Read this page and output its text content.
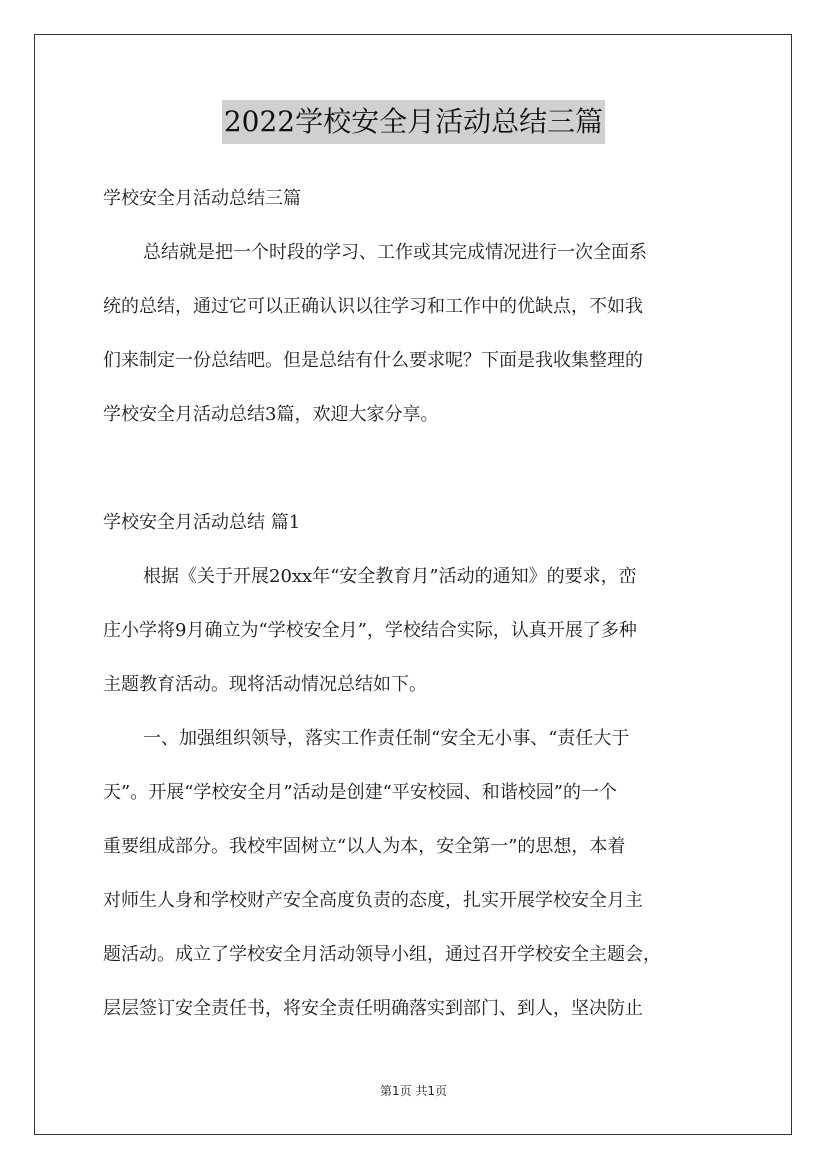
2022学校安全月活动总结三篇

学校安全月活动总结三篇

总结就是把一个时段的学习、工作或其完成情况进行一次全面系

统的总结，通过它可以正确认识以往学习和工作中的优缺点，不如我

们来制定一份总结吧。但是总结有什么要求呢？下面是我收集整理的

学校安全月活动总结3篇，欢迎大家分享。

学校安全月活动总结 篇1

根据《关于开展20xx年“安全教育月”活动的通知》的要求，峦

庄小学将9月确立为“学校安全月”，学校结合实际，认真开展了多种

主题教育活动。现将活动情况总结如下。

一、加强组织领导，落实工作责任制“安全无小事、“责任大于

天”。开展“学校安全月”活动是创建“平安校园、和谐校园”的一个

重要组成部分。我校牢固树立“以人为本，安全第一”的思想，本着

对师生人身和学校财产安全高度负责的态度，扎实开展学校安全月主

题活动。成立了学校安全月活动领导小组，通过召开学校安全主题会，

层层签订安全责任书，将安全责任明确落实到部门、到人，坚决防止

第1页 共1页
